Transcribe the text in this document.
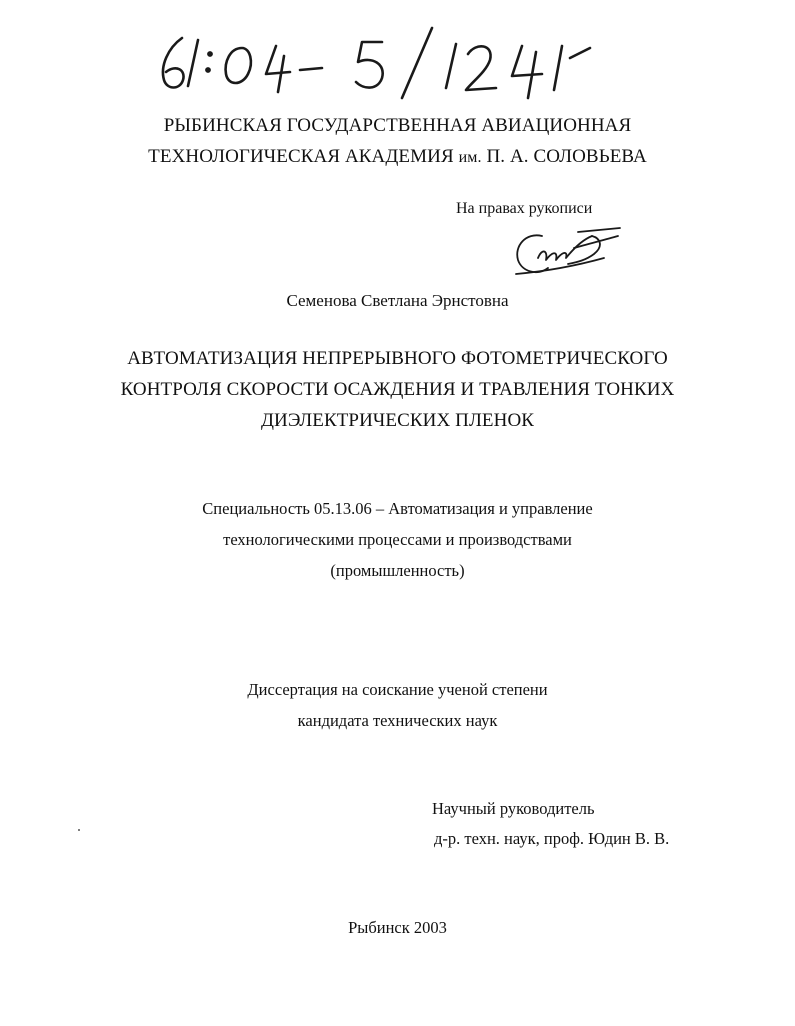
РЫБИНСКАЯ ГОСУДАРСТВЕННАЯ АВИАЦИОННАЯ
ТЕХНОЛОГИЧЕСКАЯ АКАДЕМИЯ им. П. А. СОЛОВЬЕВА
На правах рукописи
Семенова Светлана Эрнстовна
АВТОМАТИЗАЦИЯ НЕПРЕРЫВНОГО ФОТОМЕТРИЧЕСКОГО
КОНТРОЛЯ СКОРОСТИ ОСАЖДЕНИЯ И ТРАВЛЕНИЯ ТОНКИХ
ДИЭЛЕКТРИЧЕСКИХ ПЛЕНОК
Специальность 05.13.06 – Автоматизация и управление
технологическими процессами и производствами
(промышленность)
Диссертация на соискание ученой степени
кандидата технических наук
Научный руководитель
д-р. техн. наук, проф. Юдин В. В.
Рыбинск 2003
